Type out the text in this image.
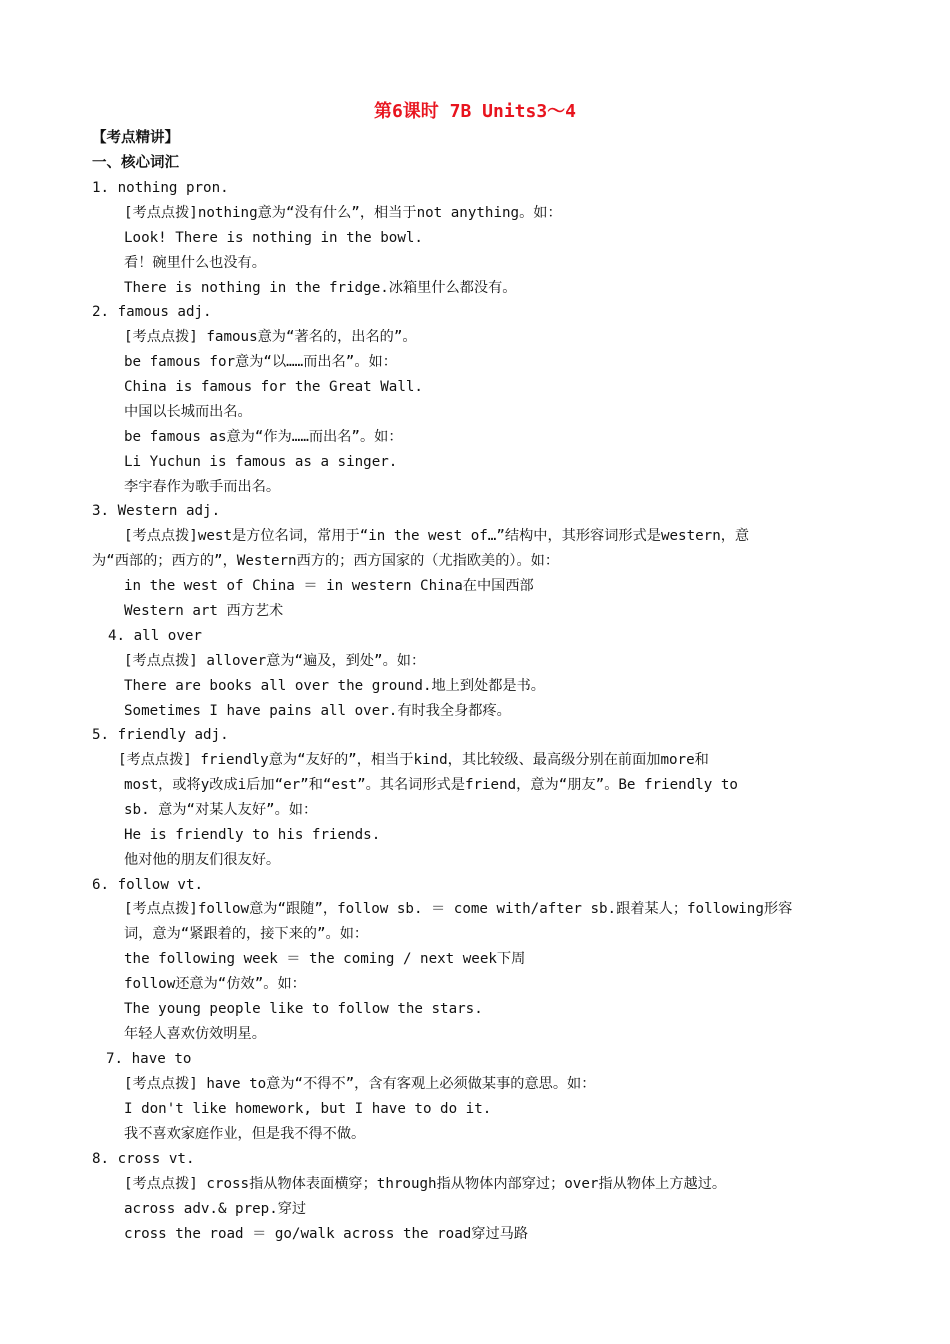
第6课时 7B Units3～4
【考点精讲】
一、核心词汇
1. nothing pron.
[考点点拨]nothing意为“没有什么”，相当于not anything。如：
Look! There is nothing in the bowl.
看！碗里什么也没有。
There is nothing in the fridge.冰箱里什么都没有。
2. famous adj.
[考点点拨] famous意为“著名的，出名的”。
be famous for意为“以……而出名”。如：
China is famous for the Great Wall.
中国以长城而出名。
be famous as意为“作为……而出名”。如：
Li Yuchun is famous as a singer.
李宇春作为歌手而出名。
3. Western adj.
[考点点拨]west是方位名词，常用于“in the west of…”结构中，其形容词形式是western，意
为“西部的；西方的”，Western西方的；西方国家的（尤指欧美的）。如：
in the west of China ＝ in western China在中国西部
Western art 西方艺术
4. all over
[考点点拨] allover意为“遍及，到处”。如：
There are books all over the ground.地上到处都是书。
Sometimes I have pains all over.有时我全身都疼。
5. friendly adj.
[考点点拨] friendly意为“友好的”，相当于kind，其比较级、最高级分别在前面加more和
most，或将y改成i后加“er”和“est”。其名词形式是friend，意为“朋友”。Be friendly to
sb. 意为“对某人友好”。如：
He is friendly to his friends.
他对他的朋友们很友好。
6. follow vt.
[考点点拨]follow意为“跟随”，follow sb. ＝ come with/after sb.跟着某人；following形容
词，意为“紧跟着的，接下来的”。如：
the following week ＝ the coming / next week下周
follow还意为“仿效”。如：
The young people like to follow the stars.
年轻人喜欢仿效明星。
7. have to
[考点点拨] have to意为“不得不”，含有客观上必须做某事的意思。如：
I don't like homework, but I have to do it.
我不喜欢家庭作业，但是我不得不做。
8. cross vt.
[考点点拨] cross指从物体表面横穿；through指从物体内部穿过；over指从物体上方越过。
across adv.& prep.穿过
cross the road ＝ go/walk across the road穿过马路
